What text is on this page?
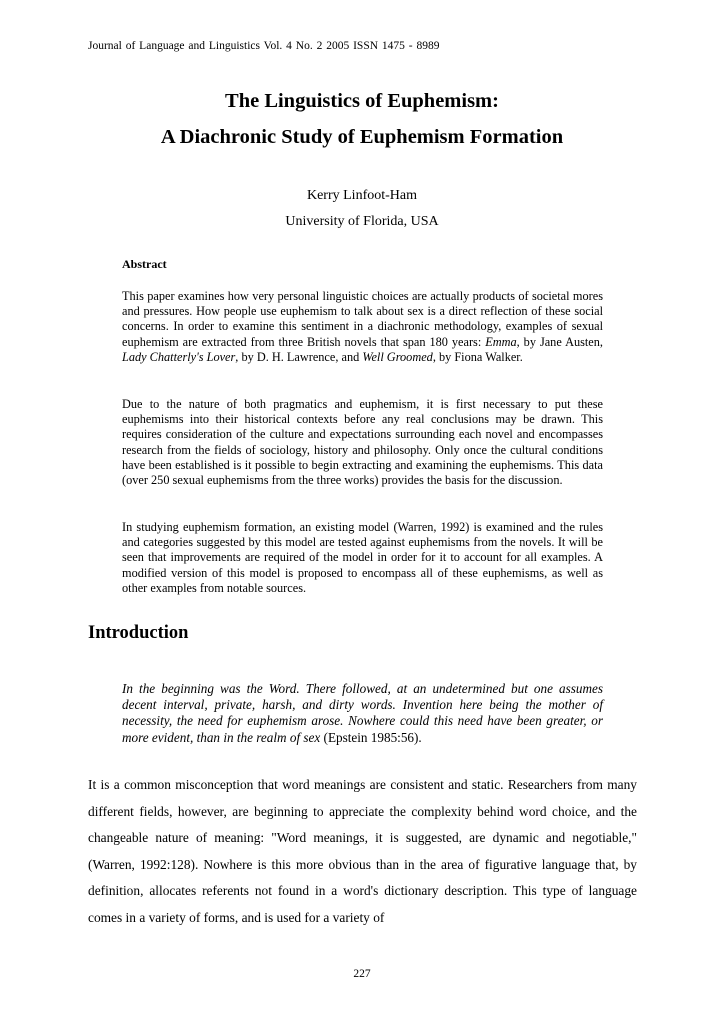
Journal of Language and Linguistics Vol. 4 No. 2 2005 ISSN 1475 - 8989
The Linguistics of Euphemism:
A Diachronic Study of Euphemism Formation
Kerry Linfoot-Ham
University of Florida, USA
Abstract

This paper examines how very personal linguistic choices are actually products of societal mores and pressures. How people use euphemism to talk about sex is a direct reflection of these social concerns. In order to examine this sentiment in a diachronic methodology, examples of sexual euphemism are extracted from three British novels that span 180 years: Emma, by Jane Austen, Lady Chatterly's Lover, by D. H. Lawrence, and Well Groomed, by Fiona Walker.

Due to the nature of both pragmatics and euphemism, it is first necessary to put these euphemisms into their historical contexts before any real conclusions may be drawn. This requires consideration of the culture and expectations surrounding each novel and encompasses research from the fields of sociology, history and philosophy. Only once the cultural conditions have been established is it possible to begin extracting and examining the euphemisms. This data (over 250 sexual euphemisms from the three works) provides the basis for the discussion.

In studying euphemism formation, an existing model (Warren, 1992) is examined and the rules and categories suggested by this model are tested against euphemisms from the novels. It will be seen that improvements are required of the model in order for it to account for all examples. A modified version of this model is proposed to encompass all of these euphemisms, as well as other examples from notable sources.

Introduction

In the beginning was the Word. There followed, at an undetermined but one assumes decent interval, private, harsh, and dirty words. Invention here being the mother of necessity, the need for euphemism arose. Nowhere could this need have been greater, or more evident, than in the realm of sex (Epstein 1985:56).

It is a common misconception that word meanings are consistent and static. Researchers from many different fields, however, are beginning to appreciate the complexity behind word choice, and the changeable nature of meaning: "Word meanings, it is suggested, are dynamic and negotiable," (Warren, 1992:128). Nowhere is this more obvious than in the area of figurative language that, by definition, allocates referents not found in a word's dictionary description. This type of language comes in a variety of forms, and is used for a variety of

227
